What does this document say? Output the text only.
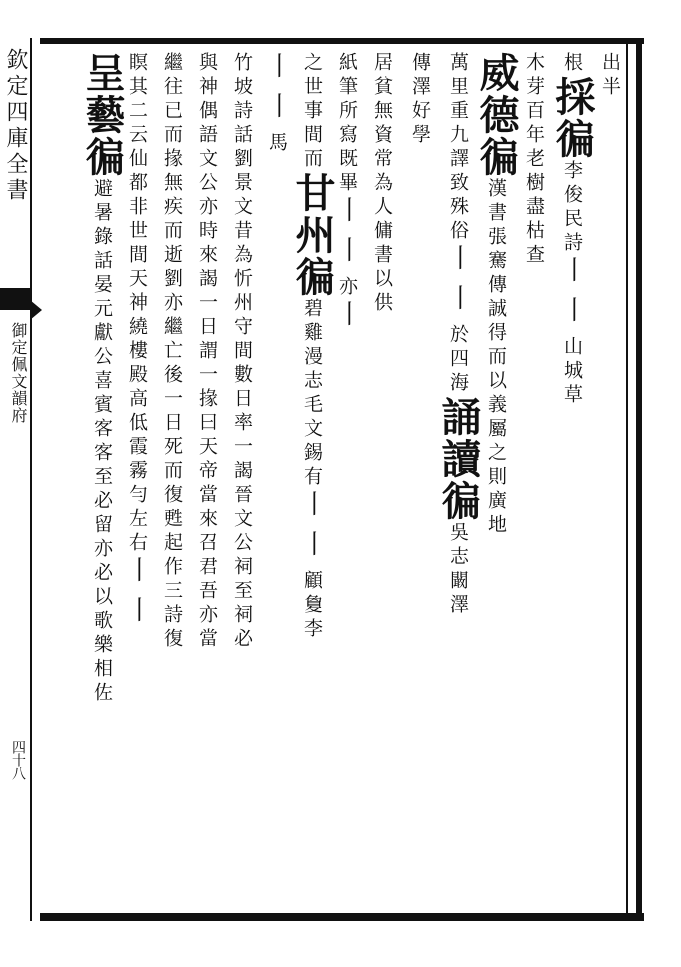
欽定四庫全書
御定佩文韻府
四十八
出半
根採徧李俊民詩丨丨山城草
木芽百年老樹盡枯查
威德徧漢書張騫傳誠得而以義屬之則廣地
萬里重九譯致殊俗丨丨於四海誦讀徧吳志闞澤
傳澤好學
居貧無資常為人傭書以供
紙筆所寫既畢丨丨亦丨
之世事間而甘州徧碧雞漫志毛文錫有丨丨顧敻李
丨丨馬
竹坡詩話劉景文昔為忻州守間數日率一謁晉文公祠至祠必
與神偶語文公亦時來謁一日謂一掾曰天帝當來召君吾亦當
繼往已而掾無疾而逝劉亦繼亡後一日死而復甦起作三詩復
瞑其二云仙都非世間天神繞樓殿高低霞霧勻左右丨丨
呈藝徧避暑錄話晏元獻公喜賓客客至必留亦必以歌樂相佐
